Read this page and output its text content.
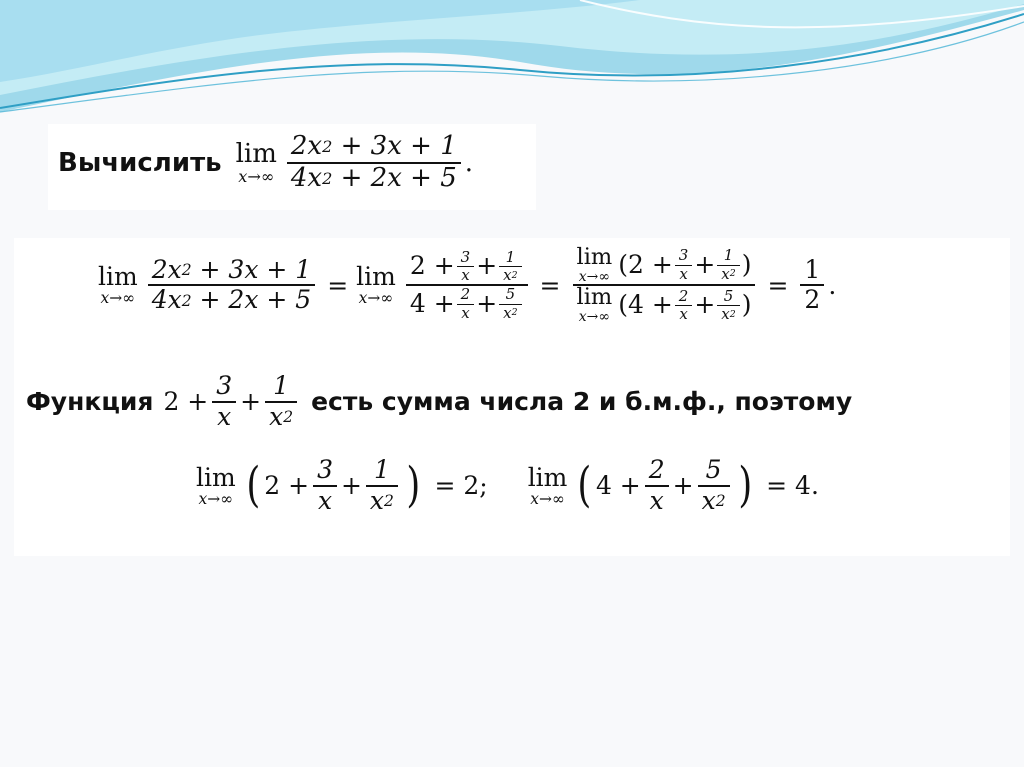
Вычислить lim
$x\to\infty \frac{2x 2 + 3x + 1}{4x 2 + 2x + 5}$ .
lim
$x\to\infty \frac{2x 2 + 3x + 1}{4x 2 + 2x + 5} = \lim$
$x\to\infty \frac{2 + \frac{3}{x} + \frac{1}{x 2}}{4 + \frac{2}{x} + \frac{5}{x 2}} = \lim$
x→∞ ($2 + \frac{3}{x} + \frac{1}{x 2}$ )
lim
x→∞ ($4 + \frac{2}{x} + \frac{5}{x 2}$ ) = $\frac{1}{2}$ .
Функция $2 + \frac{3}{x} + \frac{1}{x 2}$ есть сумма числа 2 и б.м.ф., поэтому
lim
x→∞ ( $2 + \frac{3}{x} + \frac{1}{x 2}$ ) = 2; lim
x→∞ ( $4 + \frac{2}{x} + \frac{5}{x 2}$ ) = 4.
